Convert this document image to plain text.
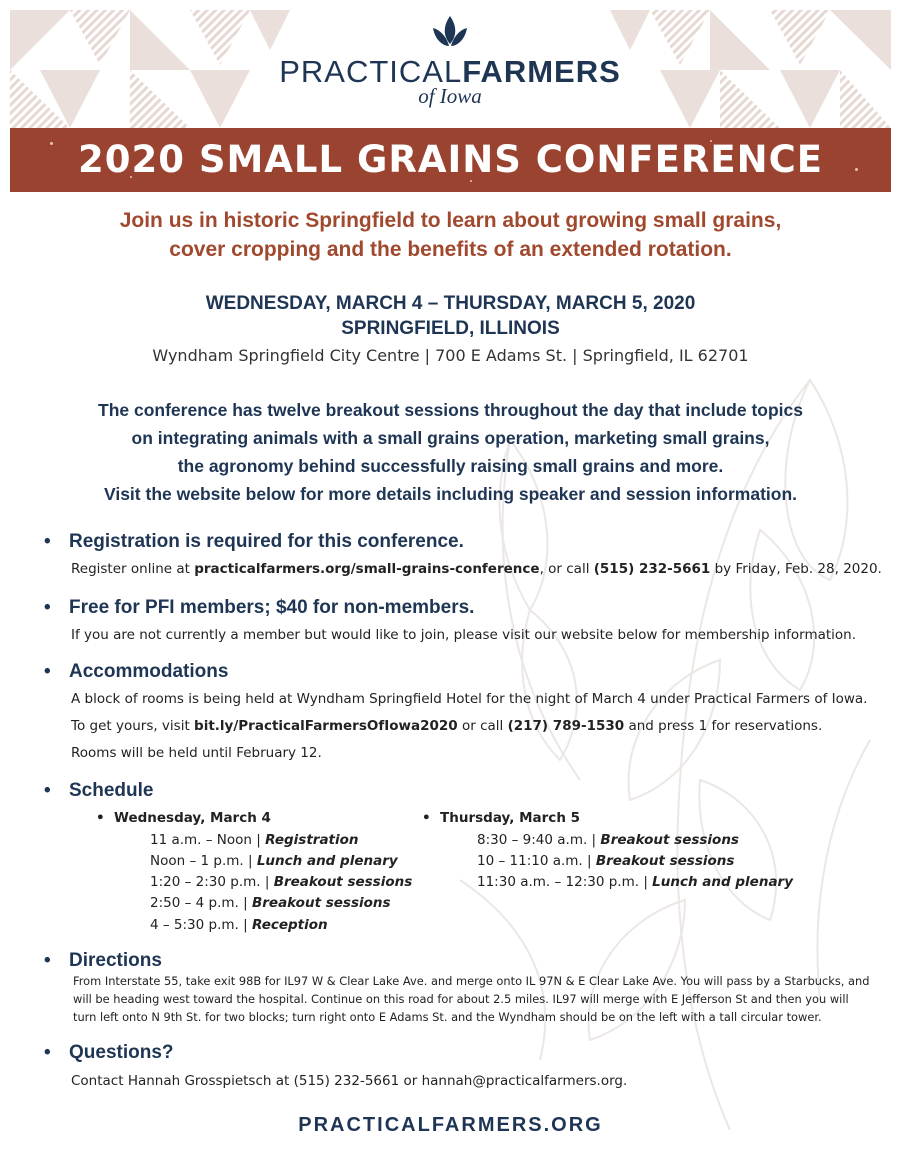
PRACTICALFARMERS
of Iowa
2020 SMALL GRAINS CONFERENCE
Join us in historic Springfield to learn about growing small grains,
cover cropping and the benefits of an extended rotation.
WEDNESDAY, MARCH 4 – THURSDAY, MARCH 5, 2020
SPRINGFIELD, ILLINOIS
Wyndham Springfield City Centre | 700 E Adams St. | Springfield, IL 62701
The conference has twelve breakout sessions throughout the day that include topics
on integrating animals with a small grains operation, marketing small grains,
the agronomy behind successfully raising small grains and more.
Visit the website below for more details including speaker and session information.
• Registration is required for this conference.
Register online at practicalfarmers.org/small-grains-conference, or call (515) 232-5661 by Friday, Feb. 28, 2020.
• Free for PFI members; $40 for non-members.
If you are not currently a member but would like to join, please visit our website below for membership information.
• Accommodations
A block of rooms is being held at Wyndham Springfield Hotel for the night of March 4 under Practical Farmers of Iowa.
To get yours, visit bit.ly/PracticalFarmersOfIowa2020 or call (217) 789-1530 and press 1 for reservations.
Rooms will be held until February 12.
• Schedule
• Wednesday, March 4
11 a.m. – Noon | Registration
Noon – 1 p.m. | Lunch and plenary
1:20 – 2:30 p.m. | Breakout sessions
2:50 – 4 p.m. | Breakout sessions
4 – 5:30 p.m. | Reception
• Thursday, March 5
8:30 – 9:40 a.m. | Breakout sessions
10 – 11:10 a.m. | Breakout sessions
11:30 a.m. – 12:30 p.m. | Lunch and plenary
• Directions
From Interstate 55, take exit 98B for IL97 W & Clear Lake Ave. and merge onto IL 97N & E Clear Lake Ave. You will pass by a Starbucks, and will be heading west toward the hospital. Continue on this road for about 2.5 miles. IL97 will merge with E Jefferson St and then you will turn left onto N 9th St. for two blocks; turn right onto E Adams St. and the Wyndham should be on the left with a tall circular tower.
• Questions?
Contact Hannah Grosspietsch at (515) 232-5661 or hannah@practicalfarmers.org.
PRACTICALFARMERS.ORG
